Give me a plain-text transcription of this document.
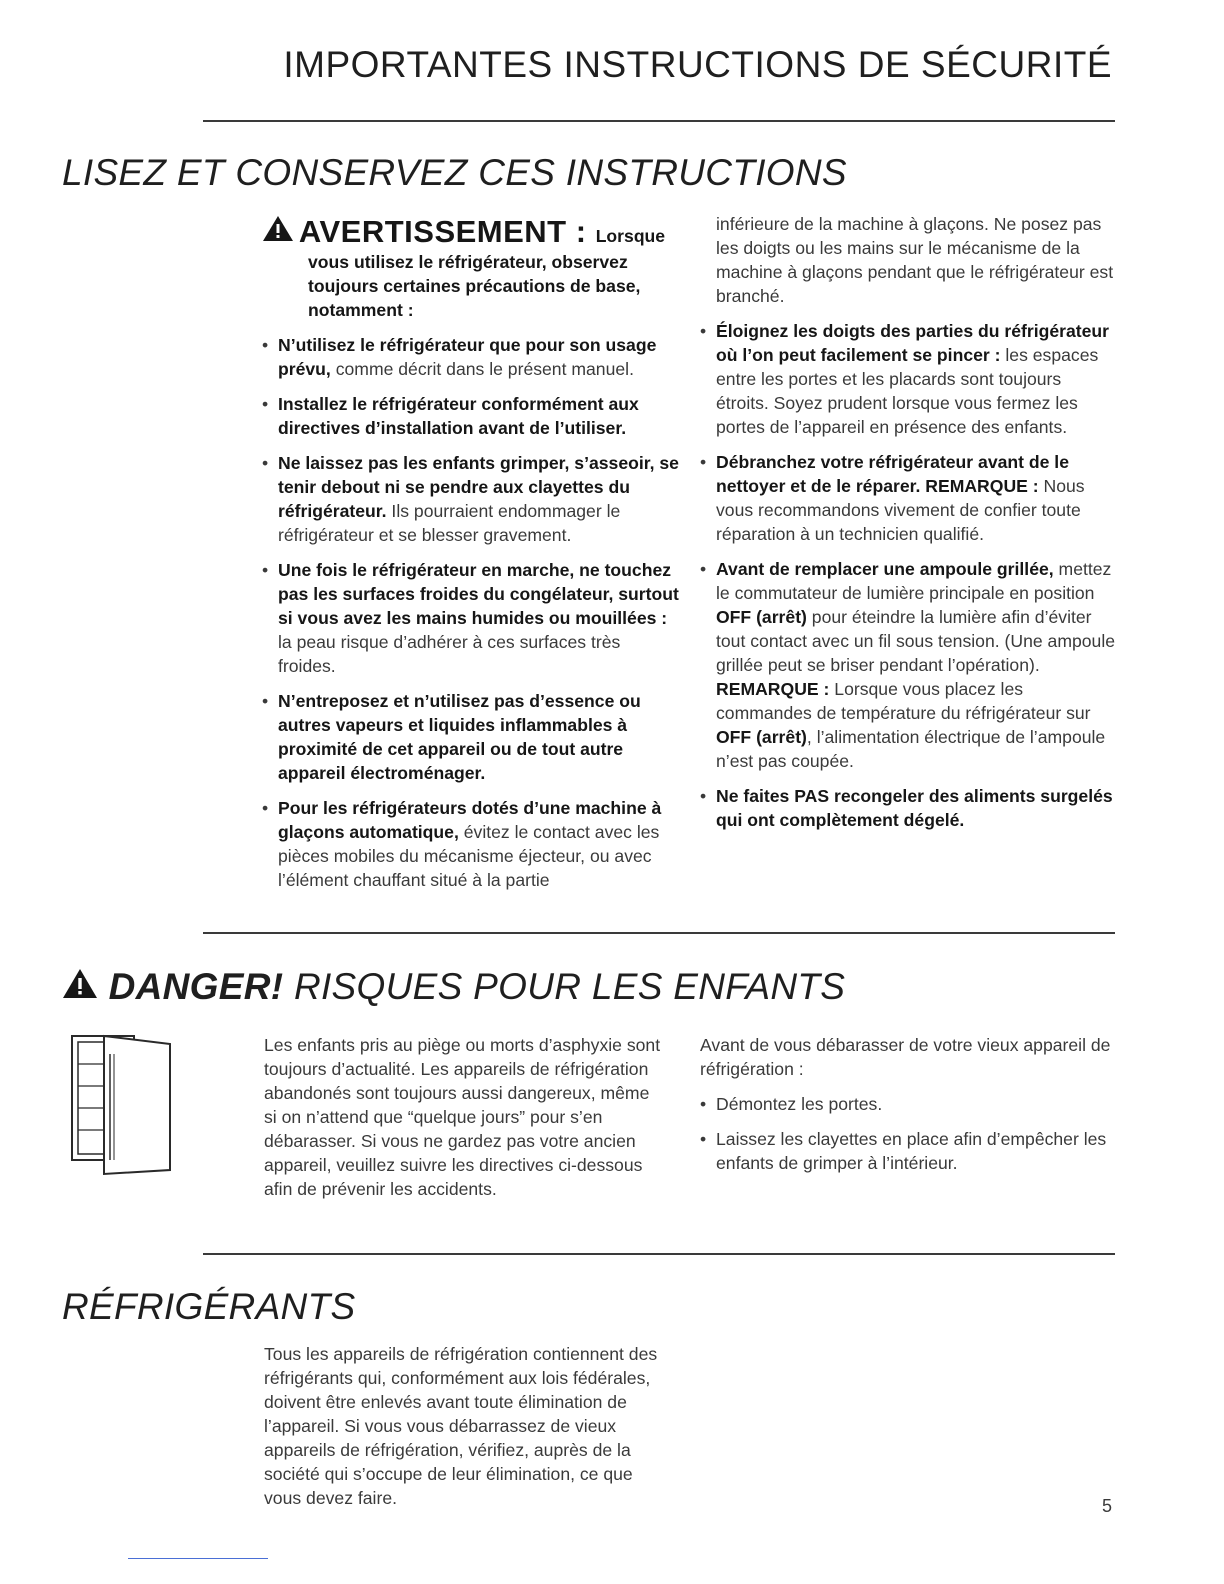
IMPORTANTES INSTRUCTIONS DE SÉCURITÉ
LISEZ ET CONSERVEZ CES INSTRUCTIONS
AVERTISSEMENT : Lorsque
vous utilisez le réfrigérateur, observez toujours certaines précautions de base, notamment :
• N’utilisez le réfrigérateur que pour son usage prévu, comme décrit dans le présent manuel.
• Installez le réfrigérateur conformément aux directives d’installation avant de l’utiliser.
• Ne laissez pas les enfants grimper, s’asseoir, se tenir debout ni se pendre aux clayettes du réfrigérateur. Ils pourraient endommager le réfrigérateur et se blesser gravement.
• Une fois le réfrigérateur en marche, ne touchez pas les surfaces froides du congélateur, surtout si vous avez les mains humides ou mouillées : la peau risque d’adhérer à ces surfaces très froides.
• N’entreposez et n’utilisez pas d’essence ou autres vapeurs et liquides inflammables à proximité de cet appareil ou de tout autre appareil électroménager.
• Pour les réfrigérateurs dotés d’une machine à glaçons automatique, évitez le contact avec les pièces mobiles du mécanisme éjecteur, ou avec l’élément chauffant situé à la partie
inférieure de la machine à glaçons. Ne posez pas les doigts ou les mains sur le mécanisme de la machine à glaçons pendant que le réfrigérateur est branché.
• Éloignez les doigts des parties du réfrigérateur où l’on peut facilement se pincer : les espaces entre les portes et les placards sont toujours étroits. Soyez prudent lorsque vous fermez les portes de l’appareil en présence des enfants.
• Débranchez votre réfrigérateur avant de le nettoyer et de le réparer. REMARQUE : Nous vous recommandons vivement de confier toute réparation à un technicien qualifié.
• Avant de remplacer une ampoule grillée, mettez le commutateur de lumière principale en position OFF (arrêt) pour éteindre la lumière afin d’éviter tout contact avec un fil sous tension. (Une ampoule grillée peut se briser pendant l’opération). REMARQUE : Lorsque vous placez les commandes de température du réfrigérateur sur OFF (arrêt), l’alimentation électrique de l’ampoule n’est pas coupée.
• Ne faites PAS recongeler des aliments surgelés qui ont complètement dégelé.
DANGER! RISQUES POUR LES ENFANTS
Les enfants pris au piège ou morts d’asphyxie sont toujours d’actualité. Les appareils de réfrigération abandonés sont toujours aussi dangereux, même si on n’attend que “quelque jours” pour s’en débarasser. Si vous ne gardez pas votre ancien appareil, veuillez suivre les directives ci-dessous afin de prévenir les accidents.
Avant de vous débarasser de votre vieux appareil de réfrigération :
• Démontez les portes.
• Laissez les clayettes en place afin d’empêcher les enfants de grimper à l’intérieur.
RÉFRIGÉRANTS
Tous les appareils de réfrigération contiennent des réfrigérants qui, conformément aux lois fédérales, doivent être enlevés avant toute élimination de l’appareil. Si vous vous débarrassez de vieux appareils de réfrigération, vérifiez, auprès de la société qui s’occupe de leur élimination, ce que vous devez faire.	5
